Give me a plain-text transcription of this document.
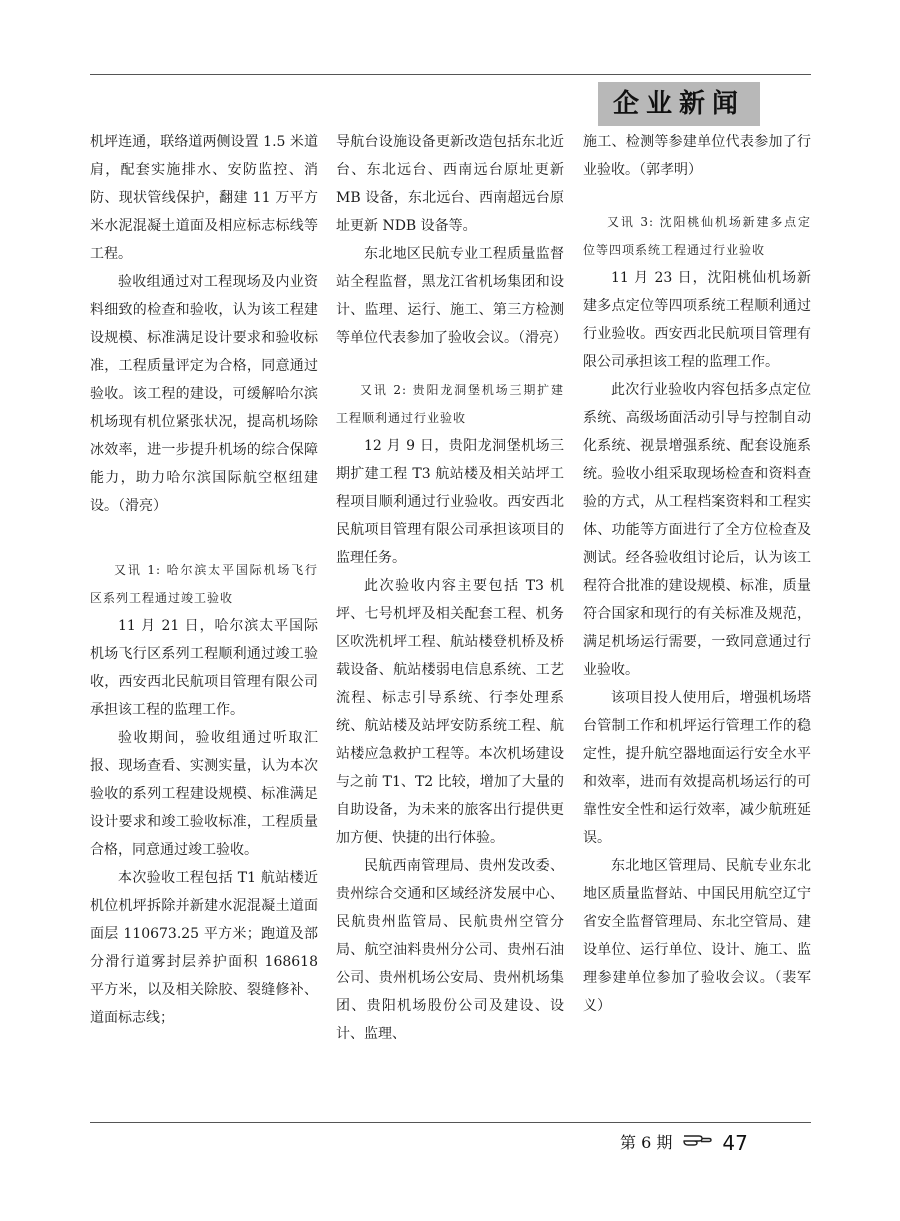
企业新闻

机坪连通，联络道两侧设置 1.5 米道肩，配套实施排水、安防监控、消防、现状管线保护，翻建 11 万平方米水泥混凝土道面及相应标志标线等工程。

验收组通过对工程现场及内业资料细致的检查和验收，认为该工程建设规模、标准满足设计要求和验收标准，工程质量评定为合格，同意通过验收。该工程的建设，可缓解哈尔滨机场现有机位紧张状况，提高机场除冰效率，进一步提升机场的综合保障能力，助力哈尔滨国际航空枢纽建设。（滑亮）

又讯 1: 哈尔滨太平国际机场飞行区系列工程通过竣工验收

11 月 21 日，哈尔滨太平国际机场飞行区系列工程顺利通过竣工验收，西安西北民航项目管理有限公司承担该工程的监理工作。

验收期间，验收组通过听取汇报、现场查看、实测实量，认为本次验收的系列工程建设规模、标准满足设计要求和竣工验收标准，工程质量合格，同意通过竣工验收。

本次验收工程包括 T1 航站楼近机位机坪拆除并新建水泥混凝土道面面层 110673.25 平方米；跑道及部分滑行道雾封层养护面积 168618 平方米，以及相关除胶、裂缝修补、道面标志线；

导航台设施设备更新改造包括东北近台、东北远台、西南远台原址更新 MB 设备，东北远台、西南超远台原址更新 NDB 设备等。

东北地区民航专业工程质量监督站全程监督，黑龙江省机场集团和设计、监理、运行、施工、第三方检测等单位代表参加了验收会议。（滑亮）

又讯 2: 贵阳龙洞堡机场三期扩建工程顺利通过行业验收

12 月 9 日，贵阳龙洞堡机场三期扩建工程 T3 航站楼及相关站坪工程项目顺利通过行业验收。西安西北民航项目管理有限公司承担该项目的监理任务。

此次验收内容主要包括 T3 机坪、七号机坪及相关配套工程、机务区吹洗机坪工程、航站楼登机桥及桥载设备、航站楼弱电信息系统、工艺流程、标志引导系统、行李处理系统、航站楼及站坪安防系统工程、航站楼应急救护工程等。本次机场建设与之前 T1、T2 比较，增加了大量的自助设备，为未来的旅客出行提供更加方便、快捷的出行体验。

民航西南管理局、贵州发改委、贵州综合交通和区域经济发展中心、民航贵州监管局、民航贵州空管分局、航空油料贵州分公司、贵州石油公司、贵州机场公安局、贵州机场集团、贵阳机场股份公司及建设、设计、监理、

施工、检测等参建单位代表参加了行业验收。（郭孝明）

又讯 3: 沈阳桃仙机场新建多点定位等四项系统工程通过行业验收

11 月 23 日，沈阳桃仙机场新建多点定位等四项系统工程顺利通过行业验收。西安西北民航项目管理有限公司承担该工程的监理工作。

此次行业验收内容包括多点定位系统、高级场面活动引导与控制自动化系统、视景增强系统、配套设施系统。验收小组采取现场检查和资料查验的方式，从工程档案资料和工程实体、功能等方面进行了全方位检查及测试。经各验收组讨论后，认为该工程符合批准的建设规模、标准，质量符合国家和现行的有关标准及规范，满足机场运行需要，一致同意通过行业验收。

该项目投人使用后，增强机场塔台管制工作和机坪运行管理工作的稳定性，提升航空器地面运行安全水平和效率，进而有效提高机场运行的可靠性安全性和运行效率，减少航班延误。

东北地区管理局、民航专业东北地区质量监督站、中国民用航空辽宁省安全监督管理局、东北空管局、建设单位、运行单位、设计、施工、监理参建单位参加了验收会议。（裴军义）

第 6 期	47
